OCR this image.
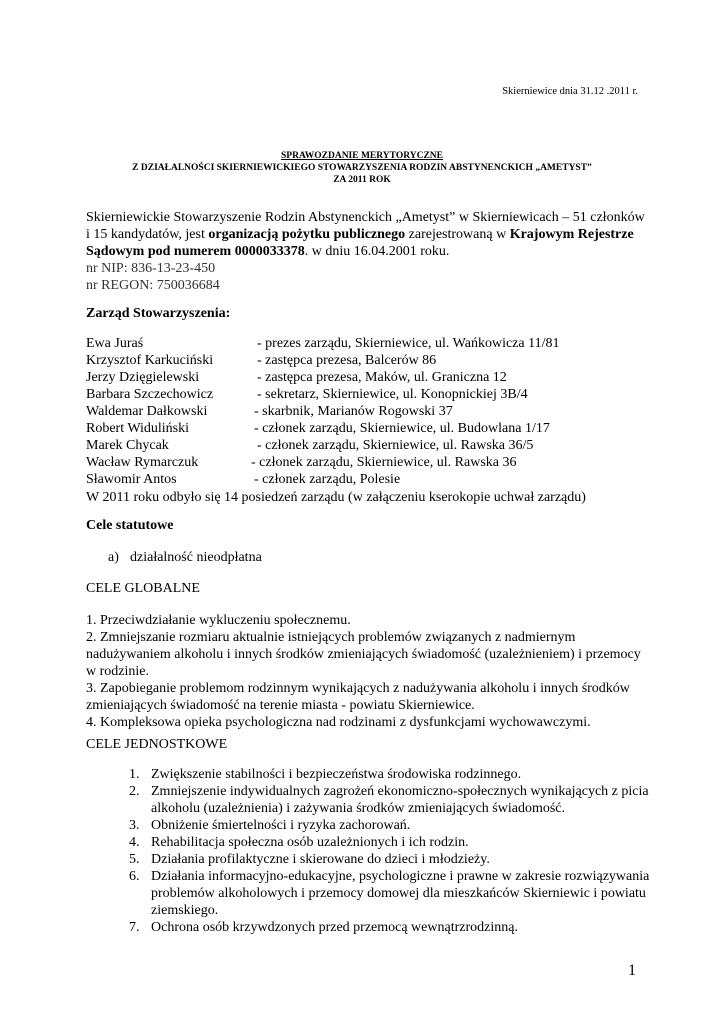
Skierniewice dnia 31.12 .2011 r.
SPRAWOZDANIE MERYTORYCZNE
Z DZIAŁALNOŚCI SKIERNIEWICKIEGO STOWARZYSZENIA RODZIN ABSTYNENCKICH „AMETYST”
ZA 2011 ROK
Skierniewickie Stowarzyszenie Rodzin Abstynenckich „Ametyst” w Skierniewicach – 51 członków
i 15 kandydatów, jest organizacją pożytku publicznego zarejestrowaną w Krajowym Rejestrze
Sądowym pod numerem 0000033378. w dniu 16.04.2001 roku.
nr NIP: 836-13-23-450
nr REGON: 750036684
Zarząd Stowarzyszenia:
Ewa Juraś	- prezes zarządu, Skierniewice, ul. Wańkowicza 11/81
Krzysztof Karkuciński	- zastępca prezesa, Balcerów 86
Jerzy Dzięgielewski	- zastępca prezesa, Maków, ul. Graniczna 12
Barbara Szczechowicz	- sekretarz, Skierniewice, ul. Konopnickiej 3B/4
Waldemar Dałkowski	- skarbnik, Marianów Rogowski 37
Robert Widuliński	- członek zarządu, Skierniewice, ul. Budowlana 1/17
Marek Chycak	- członek zarządu, Skierniewice, ul. Rawska 36/5
Wacław Rymarczuk	- członek zarządu, Skierniewice, ul. Rawska 36
Sławomir Antos	- członek zarządu, Polesie
W 2011 roku odbyło się 14 posiedzeń zarządu (w załączeniu kserokopie uchwał zarządu)
Cele statutowe
a) działalność nieodpłatna
CELE GLOBALNE
1. Przeciwdziałanie wykluczeniu społecznemu.
2. Zmniejszanie rozmiaru aktualnie istniejących problemów związanych z nadmiernym
nadużywaniem alkoholu i innych środków zmieniających świadomość (uzależnieniem) i przemocy
w rodzinie.
3. Zapobieganie problemom rodzinnym wynikających z nadużywania alkoholu i innych środków
zmieniających świadomość na terenie miasta - powiatu Skierniewice.
4. Kompleksowa opieka psychologiczna nad rodzinami z dysfunkcjami wychowawczymi.
CELE JEDNOSTKOWE
1. Zwiększenie stabilności i bezpieczeństwa środowiska rodzinnego.
2. Zmniejszenie indywidualnych zagrożeń ekonomiczno-społecznych wynikających z picia
alkoholu (uzależnienia) i zażywania środków zmieniających świadomość.
3. Obniżenie śmiertelności i ryzyka zachorowań.
4. Rehabilitacja społeczna osób uzależnionych i ich rodzin.
5. Działania profilaktyczne i skierowane do dzieci i młodzieży.
6. Działania informacyjno-edukacyjne, psychologiczne i prawne w zakresie rozwiązywania
problemów alkoholowych i przemocy domowej dla mieszkańców Skierniewic i powiatu
ziemskiego.
7. Ochrona osób krzywdzonych przed przemocą wewnątrzrodzinną.
1
